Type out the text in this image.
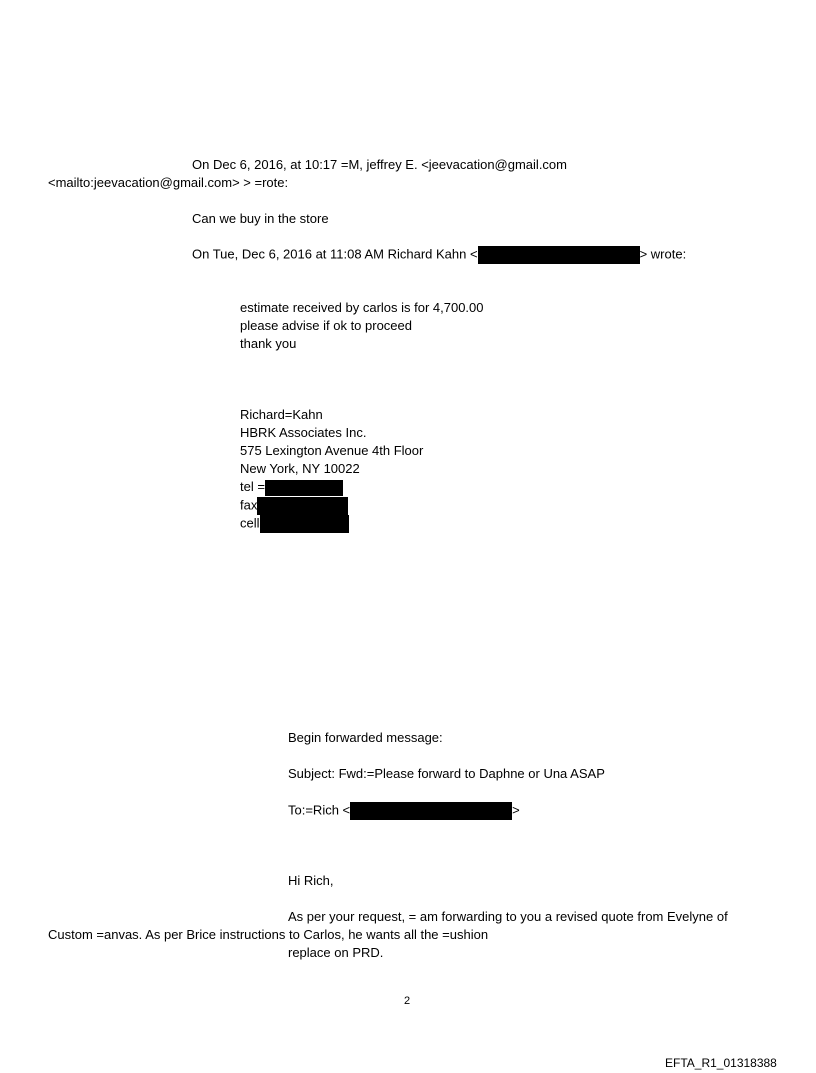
On Dec 6, 2016, at 10:17 =M, jeffrey E. <jeevacation@gmail.com
<mailto:jeevacation@gmail.com> > =rote:
Can we buy in the store
On Tue, Dec 6, 2016 at 11:08 AM Richard Kahn <	> wrote:
estimate received by carlos is for 4,700.00
please advise if ok to proceed
thank you
Richard=Kahn
HBRK Associates Inc.
575 Lexington Avenue 4th Floor
New York, NY 10022
tel =
fax
cell
Begin forwarded message:
Subject: Fwd:=Please forward to Daphne or Una ASAP
To:=Rich <	>
Hi Rich,
As per your request, = am forwarding to you a revised quote from Evelyne of
Custom =anvas. As per Brice instructions to Carlos, he wants all the =ushion
replace on PRD.
2
EFTA_R1_01318388
